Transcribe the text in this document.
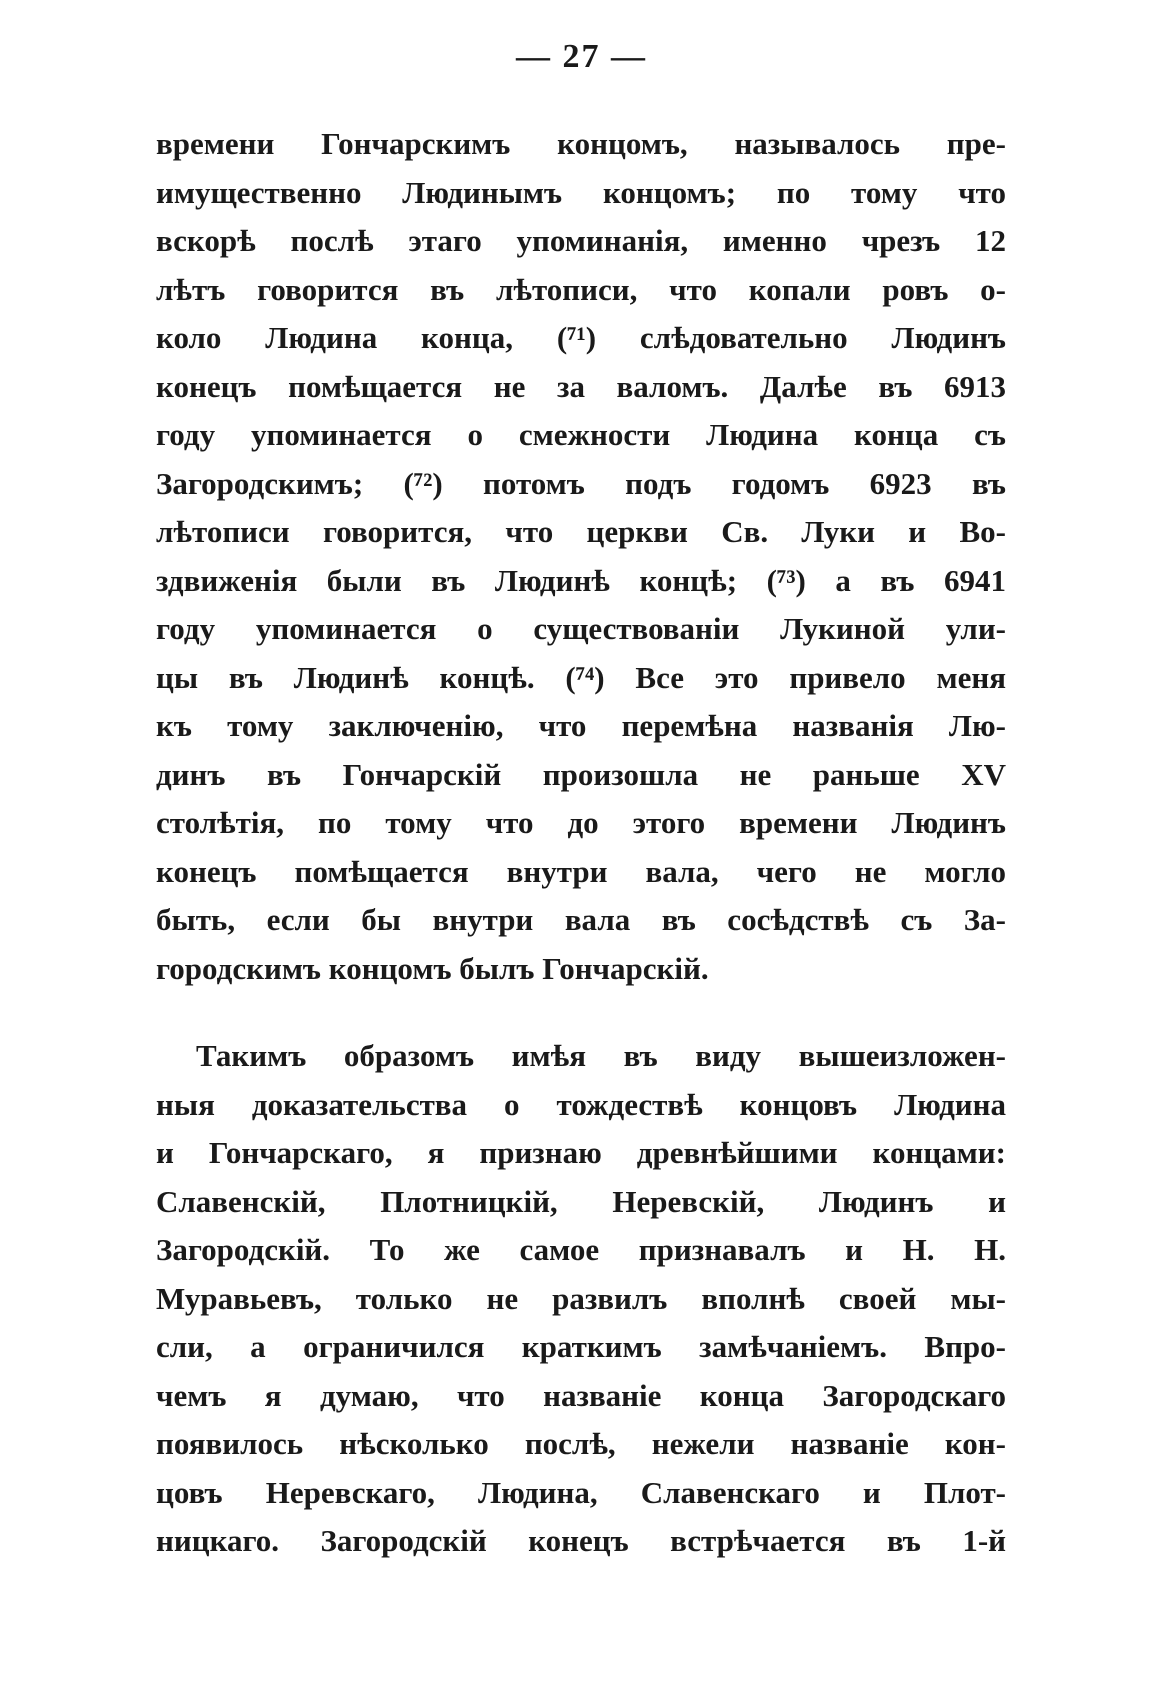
— 27 —
времени Гончарскимъ концомъ, называлось пре-
имущественно Людинымъ концомъ; по тому что
вскорѣ послѣ этаго упоминанія, именно чрезъ 12
лѣтъ говорится въ лѣтописи, что копали ровъ о-
коло Людина конца, (⁷¹) слѣдовательно Людинъ
конецъ помѣщается не за валомъ. Далѣе въ 6913
году упоминается о смежности Людина конца съ
Загородскимъ; (⁷²) потомъ подъ годомъ 6923 въ
лѣтописи говорится, что церкви Св. Луки и Во-
здвиженія были въ Людинѣ концѣ; (⁷³) а въ 6941
году упоминается о существованіи Лукиной ули-
цы въ Людинѣ концѣ. (⁷⁴) Все это привело меня
къ тому заключенію, что перемѣна названія Лю-
динъ въ Гончарскій произошла не раньше XV
столѣтія, по тому что до этого времени Людинъ
конецъ помѣщается внутри вала, чего не могло
быть, если бы внутри вала въ сосѣдствѣ съ За-
городскимъ концомъ былъ Гончарскій.
Такимъ образомъ имѣя въ виду вышеизложен-
ныя доказательства о тождествѣ концовъ Людина
и Гончарскаго, я признаю древнѣйшими концами:
Славенскій, Плотницкій, Неревскій, Людинъ и
Загородскій. То же самое признавалъ и Н. Н.
Муравьевъ, только не развилъ вполнѣ своей мы-
сли, а ограничился краткимъ замѣчаніемъ. Впро-
чемъ я думаю, что названіе конца Загородскаго
появилось нѣсколько послѣ, нежели названіе кон-
цовъ Неревскаго, Людина, Славенскаго и Плот-
ницкаго. Загородскій конецъ встрѣчается въ 1-й
